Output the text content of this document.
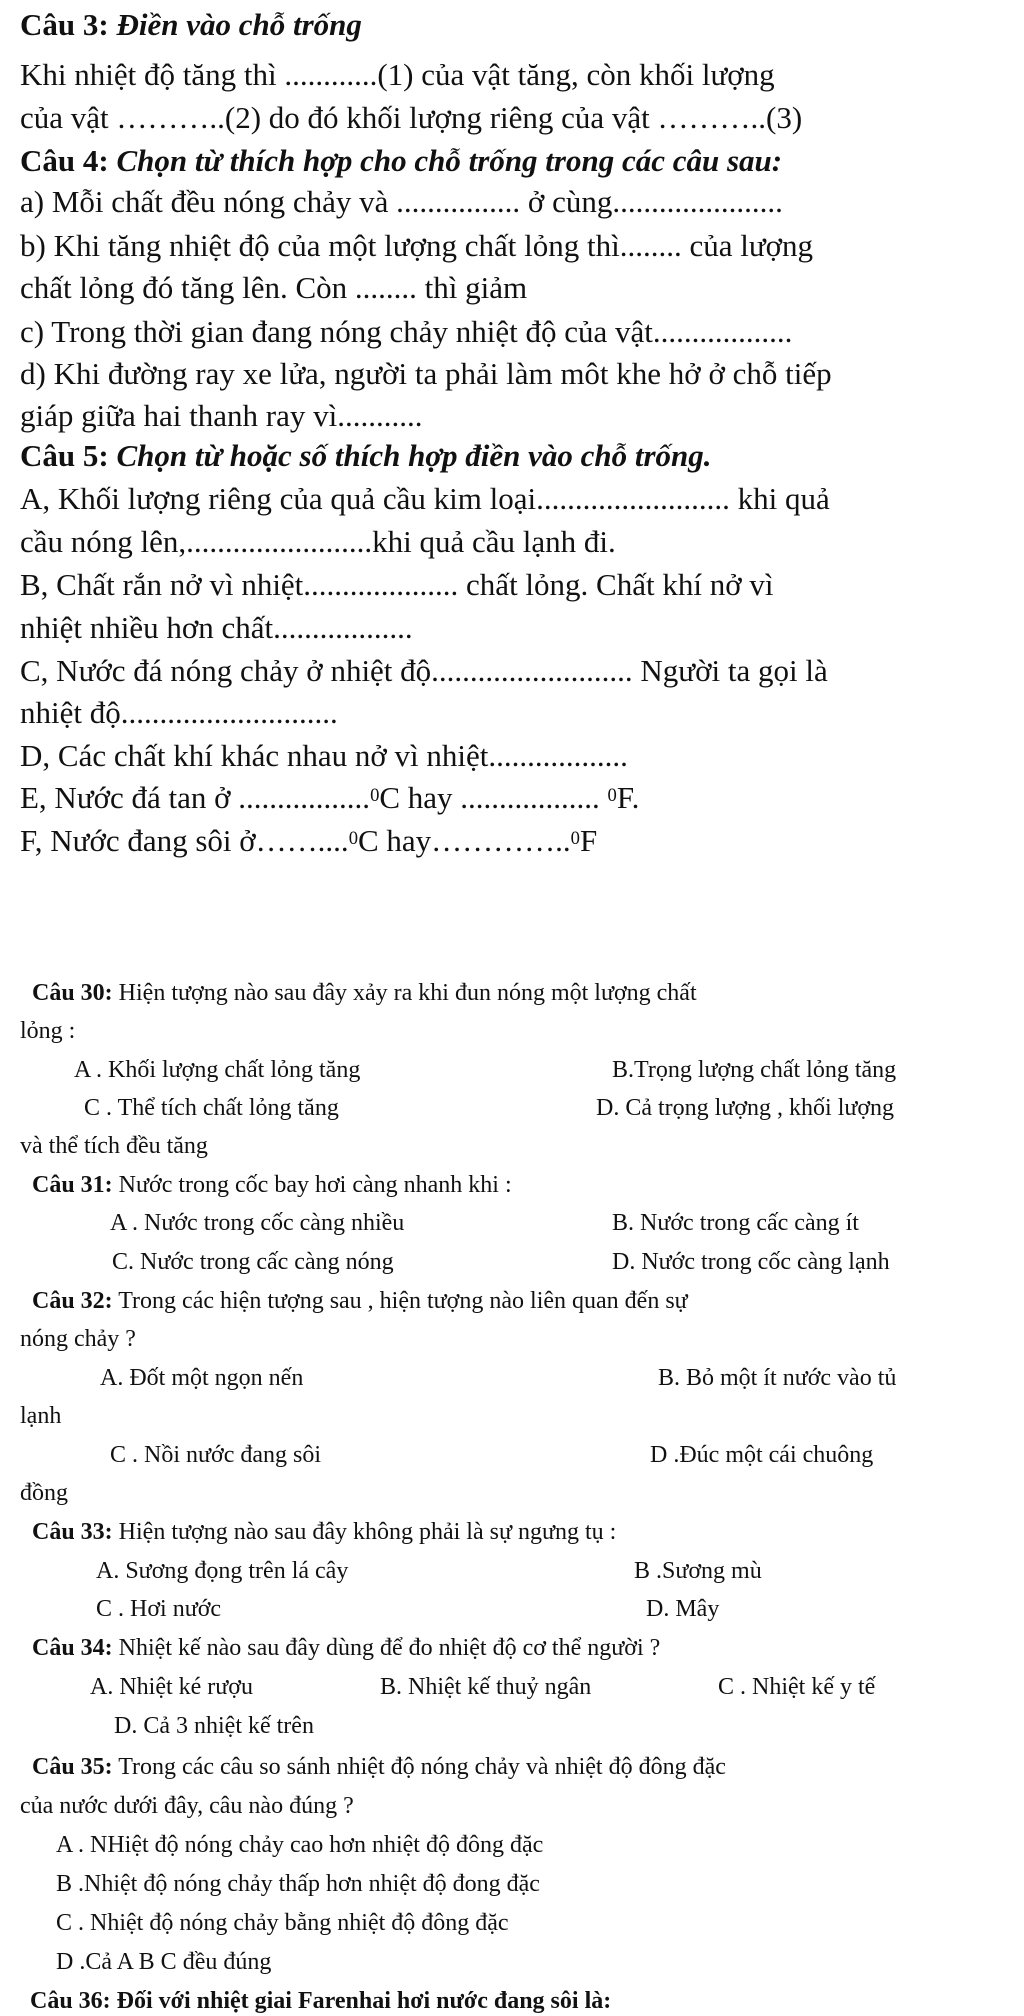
Câu 3: Điền vào chỗ trống
Khi nhiệt độ tăng thì ............(1) của vật tăng, còn khối lượng
của vật ………..(2) do đó khối lượng riêng của vật ………..(3)
Câu 4: Chọn từ thích hợp cho chỗ trống trong các câu sau:
a) Mỗi chất đều nóng chảy và ................ ở cùng......................
b) Khi tăng nhiệt độ của một lượng chất lỏng thì........ của lượng
chất lỏng đó tăng lên. Còn ........ thì giảm
c) Trong thời gian đang nóng chảy nhiệt độ của vật..................
d) Khi đường ray xe lửa, người ta phải làm môt khe hở ở chỗ tiếp
giáp giữa hai thanh ray vì...........
Câu 5: Chọn từ hoặc số thích hợp điền vào chỗ trống.
A, Khối lượng riêng của quả cầu kim loại......................... khi quả
cầu nóng lên,........................khi quả cầu lạnh đi.
B, Chất rắn nở vì nhiệt.................... chất lỏng. Chất khí nở vì
nhiệt nhiều hơn chất..................
C, Nước đá nóng chảy ở nhiệt độ.......................... Người ta gọi là
nhiệt độ............................
D, Các chất khí khác nhau nở vì nhiệt..................
E, Nước đá tan ở .................$^0$C hay .................. $^0$F.
F, Nước đang sôi ở……....$^0$C hay…………..$^0$F
Câu 30: Hiện tượng nào sau đây xảy ra khi đun nóng một lượng chất
lỏng :
A . Khối lượng chất lỏng tăng	B.Trọng lượng chất lỏng tăng
C . Thể tích chất lỏng tăng	D. Cả trọng lượng , khối lượng
và thể tích đều tăng
Câu 31: Nước trong cốc bay hơi càng nhanh khi :
A . Nước trong cốc càng nhiều	B. Nước trong cấc càng ít
C. Nước trong cấc càng nóng	D. Nước trong cốc càng lạnh
Câu 32: Trong các hiện tượng sau , hiện tượng nào liên quan đến sự
nóng chảy ?
A. Đốt một ngọn nến	B. Bỏ một ít nước vào tủ
lạnh
C . Nồi nước đang sôi	D .Đúc một cái chuông
đồng
Câu 33: Hiện tượng nào sau đây không phải là sự ngưng tụ :
A. Sương đọng trên lá cây	B .Sương mù
C . Hơi nước	D. Mây
Câu 34: Nhiệt kế nào sau đây dùng để đo nhiệt độ cơ thể người ?
A. Nhiệt ké rượu	B. Nhiệt kế thuỷ ngân	C . Nhiệt kế y tế
D. Cả 3 nhiệt kế trên
Câu 35: Trong các câu so sánh nhiệt độ nóng chảy và nhiệt độ đông đặc
của nước dưới đây, câu nào đúng ?
A . NHiệt độ nóng chảy cao hơn nhiệt độ đông đặc
B .Nhiệt độ nóng chảy thấp hơn nhiệt độ đong đặc
C . Nhiệt độ nóng chảy bằng nhiệt độ đông đặc
D .Cả A B C đều đúng
Câu 36: Đối với nhiệt giai Farenhai hơi nước đang sôi là:
